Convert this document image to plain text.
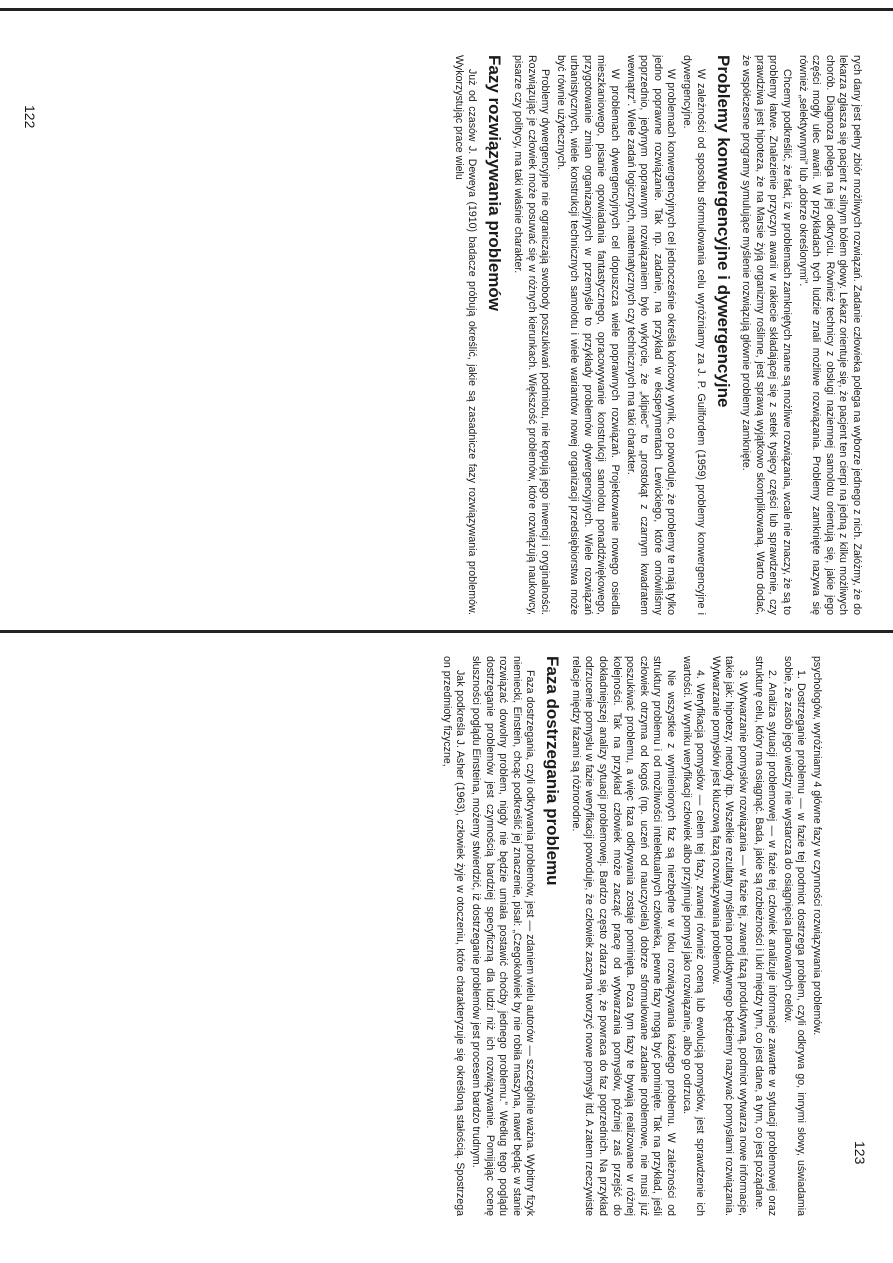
rych dany jest pełny zbiór możliwych rozwiązań. Zadanie człowieka polega na wyborze jednego z nich. Załóżmy, że do lekarza zgłasza się pacjent z silnym bólem głowy. Lekarz orientuje się, że pacjent ten cierpi na jedną z kilku możliwych chorób. Diagnoza polega na jej odkryciu. Również technicy z obsługi naziemnej samolotu orientują się, jakie jego części mogły ulec awarii. W przykładach tych ludzie znali możliwe rozwiązania. Problemy zamknięte nazywa się również „selektywnymi” lub „dobrze określonymi”.

Chcemy podkreślić, że fakt, iż w problemach zamkniętych znane są możliwe rozwiązania, wcale nie znaczy, że są to problemy łatwe. Znalezienie przyczyn awarii w rakiecie składającej się z setek tysięcy części lub sprawdzenie, czy prawdziwa jest hipoteza, że na Marsie żyją organizmy roślinne, jest sprawą wyjątkowo skomplikowaną. Warto dodać, że współczesne programy symulujące myślenie rozwiązują głównie problemy zamknięte.

Problemy konwergencyjne i dywergencyjne

W zależności od sposobu sformułowania celu wyróżniamy za J. P. Guilfordem (1959) problemy konwergencyjne i dywergencyjne.

W problemach konwergencyjnych cel jednocześnie określa końcowy wynik, co powoduje, że problemy te mają tylko jedno poprawne rozwiązanie. Tak np. zadanie, na przykład w eksperymentach Lewickiego, które omówiliśmy poprzednio, jedynym poprawnym rozwiązaniem było wykrycie, że „klipiec” to „prostokąt z czarnym kwadratem wewnątrz”. Wiele zadań logicznych, matematycznych czy technicznych ma taki charakter.

W problemach dywergencyjnych cel dopuszcza wiele poprawnych rozwiązań. Projektowanie nowego osiedla mieszkaniowego, pisanie opowiadania fantastycznego, opracowywanie konstrukcji samolotu ponaddźwiękowego, przygotowanie zmian organizacyjnych w przemyśle to przykłady problemów dywergencyjnych. Wiele rozwiązań urbanistycznych, wiele konstrukcji technicznych samolotu i wiele wariantów nowej organizacji przedsiębiorstwa może być równie użytecznych.

Problemy dywergencyjne nie ograniczają swobody poszukiwań podmiotu, nie krępują jego inwencji i oryginalności. Rozwiązując je człowiek może posuwać się w różnych kierunkach. Większość problemów, które rozwiązują naukowcy, pisarze czy politycy, ma taki właśnie charakter.

Fazy rozwiązywania problemów

Już od czasów J. Deweya (1910) badacze próbują określić, jakie są zasadnicze fazy rozwiązywania problemów. Wykorzystując prace wielu

122

psychologów, wyróżniamy 4 główne fazy w czynności rozwiązywania problemów.

1. Dostrzeganie problemu — w fazie tej podmiot dostrzega problem, czyli odkrywa go, innymi słowy, uświadamia sobie, że zasób jego wiedzy nie wystarcza do osiągnięcia planowanych celów.

2. Analiza sytuacji problemowej — w fazie tej człowiek analizuje informacje zawarte w sytuacji problemowej oraz strukturę celu, który ma osiągnąć. Bada, jakie są rozbieżności i luki między tym, co jest dane, a tym, co jest pożądane.

3. Wytwarzanie pomysłów rozwiązania — w fazie tej, zwanej fazą produktywną, podmiot wytwarza nowe informacje, takie jak: hipotezy, metody itp. Wszelkie rezultaty myślenia produktywnego będziemy nazywać pomysłami rozwiązania. Wytwarzanie pomysłów jest kluczową fazą rozwiązywania problemów.

4. Weryfikacja pomysłów — celem tej fazy, zwanej również oceną lub ewolucją pomysłów, jest sprawdzenie ich wartości. W wyniku weryfikacji człowiek albo przyjmuje pomysł jako rozwiązanie, albo go odrzuca.

Nie wszystkie z wymienionych faz są niezbędne w toku rozwiązywania każdego problemu. W zależności od struktury problemu i od możliwości intelektualnych człowieka, pewne fazy mogą być pominięte. Tak na przykład, jeśli człowiek otrzyma od kogoś (np. uczeń od nauczyciela) dobrze sformułowane zadanie problemowe, nie musi już poszukiwać problemu, a więc faza odkrywania zostaje pominięta. Poza tym fazy te bywają realizowane w różnej kolejności. Tak na przykład człowiek może zacząć pracę od wytwarzania pomysłów, później zaś przejść do dokładniejszej analizy sytuacji problemowej. Bardzo często zdarza się, że powraca do faz poprzednich. Na przykład odrzucenie pomysłu w fazie weryfikacji powoduje, że człowiek zaczyna tworzyć nowe pomysły itd. A zatem rzeczywiste relacje między fazami są różnorodne.

Faza dostrzegania problemu

Faza dostrzegania, czyli odkrywania problemów, jest — zdaniem wielu autorów — szczególnie ważna. Wybitny fizyk niemiecki, Einstein, chcąc podkreślić jej znaczenie, pisał: „Czegokolwiek by nie robiła maszyna, nawet będąc w stanie rozwiązać dowolny problem, nigdy nie będzie umiała postawić choćby jednego problemu.” Według tego poglądu dostrzeganie problemów jest czynnością bardziej specyficzną dla ludzi niż ich rozwiązywanie. Pomijając ocenę słuszności poglądu Einsteina, możemy stwierdzić, iż dostrzeganie problemów jest procesem bardzo trudnym.

Jak podkreśla J. Asher (1963), człowiek żyje w otoczeniu, które charakteryzuje się określoną stałością. Spostrzega on przedmioty fizyczne,

123
